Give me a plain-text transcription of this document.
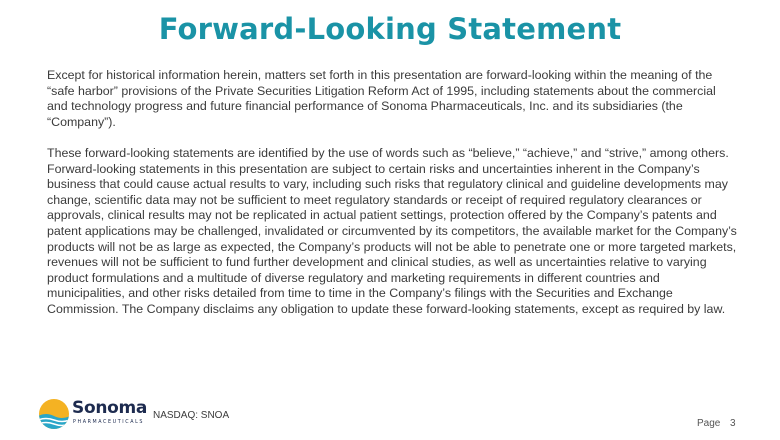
Forward-Looking Statement

Except for historical information herein, matters set forth in this presentation are forward-looking within the meaning of the “safe harbor” provisions of the Private Securities Litigation Reform Act of 1995, including statements about the commercial and technology progress and future financial performance of Sonoma Pharmaceuticals, Inc. and its subsidiaries (the “Company”).

These forward-looking statements are identified by the use of words such as “believe,” “achieve,” and “strive,” among others. Forward-looking statements in this presentation are subject to certain risks and uncertainties inherent in the Company’s business that could cause actual results to vary, including such risks that regulatory clinical and guideline developments may change, scientific data may not be sufficient to meet regulatory standards or receipt of required regulatory clearances or approvals, clinical results may not be replicated in actual patient settings, protection offered by the Company’s patents and patent applications may be challenged, invalidated or circumvented by its competitors, the available market for the Company’s products will not be as large as expected, the Company’s products will not be able to penetrate one or more targeted markets, revenues will not be sufficient to fund further development and clinical studies, as well as uncertainties relative to varying product formulations and a multitude of diverse regulatory and marketing requirements in different countries and municipalities, and other risks detailed from time to time in the Company’s filings with the Securities and Exchange Commission. The Company disclaims any obligation to update these forward-looking statements, except as required by law.

Sonoma
PHARMACEUTICALS
NASDAQ: SNOA
Page 3
